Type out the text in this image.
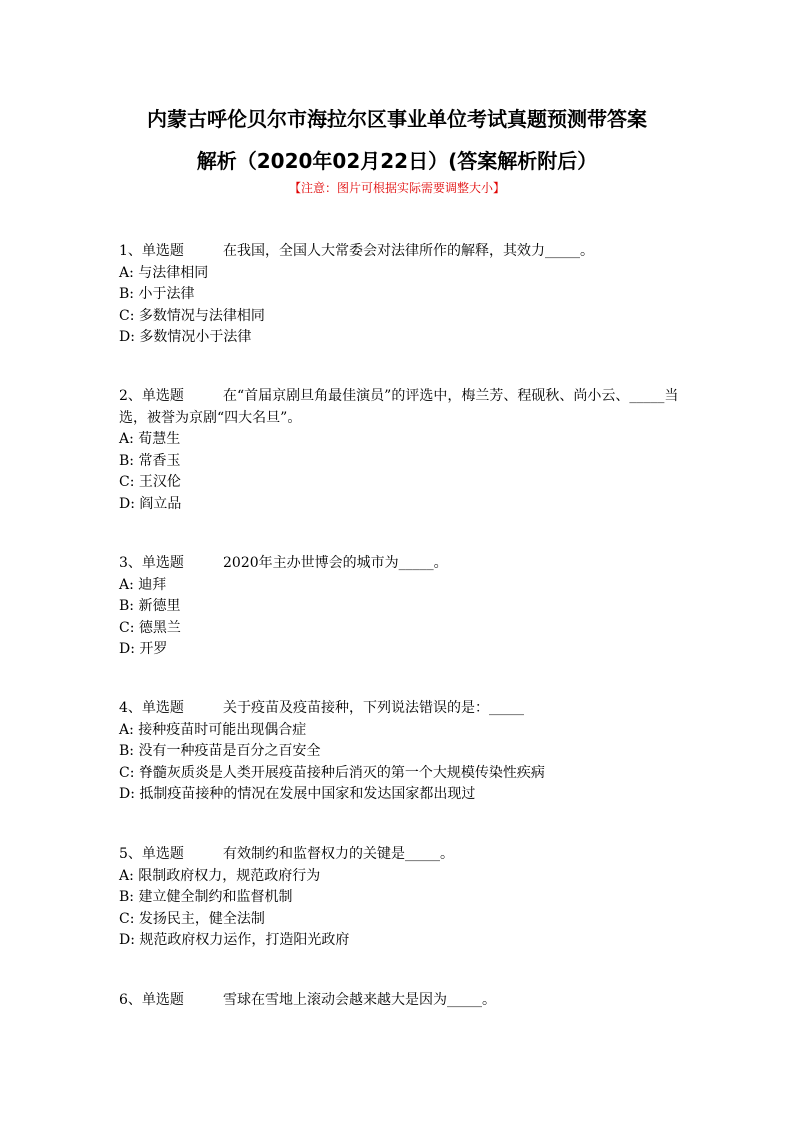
内蒙古呼伦贝尔市海拉尔区事业单位考试真题预测带答案
解析（2020年02月22日）(答案解析附后）
【注意：图片可根据实际需要调整大小】
1、单选题	在我国，全国人大常委会对法律所作的解释，其效力_____。
A: 与法律相同
B: 小于法律
C: 多数情况与法律相同
D: 多数情况小于法律
2、单选题	在“首届京剧旦角最佳演员”的评选中，梅兰芳、程砚秋、尚小云、_____当选，被誉为京剧“四大名旦”。
A: 荀慧生
B: 常香玉
C: 王汉伦
D: 阎立品
3、单选题	2020年主办世博会的城市为_____。
A: 迪拜
B: 新德里
C: 德黑兰
D: 开罗
4、单选题	关于疫苗及疫苗接种，下列说法错误的是：_____
A: 接种疫苗时可能出现偶合症
B: 没有一种疫苗是百分之百安全
C: 脊髓灰质炎是人类开展疫苗接种后消灭的第一个大规模传染性疾病
D: 抵制疫苗接种的情况在发展中国家和发达国家都出现过
5、单选题	有效制约和监督权力的关键是_____。
A: 限制政府权力，规范政府行为
B: 建立健全制约和监督机制
C: 发扬民主，健全法制
D: 规范政府权力运作，打造阳光政府
6、单选题	雪球在雪地上滚动会越来越大是因为_____。
